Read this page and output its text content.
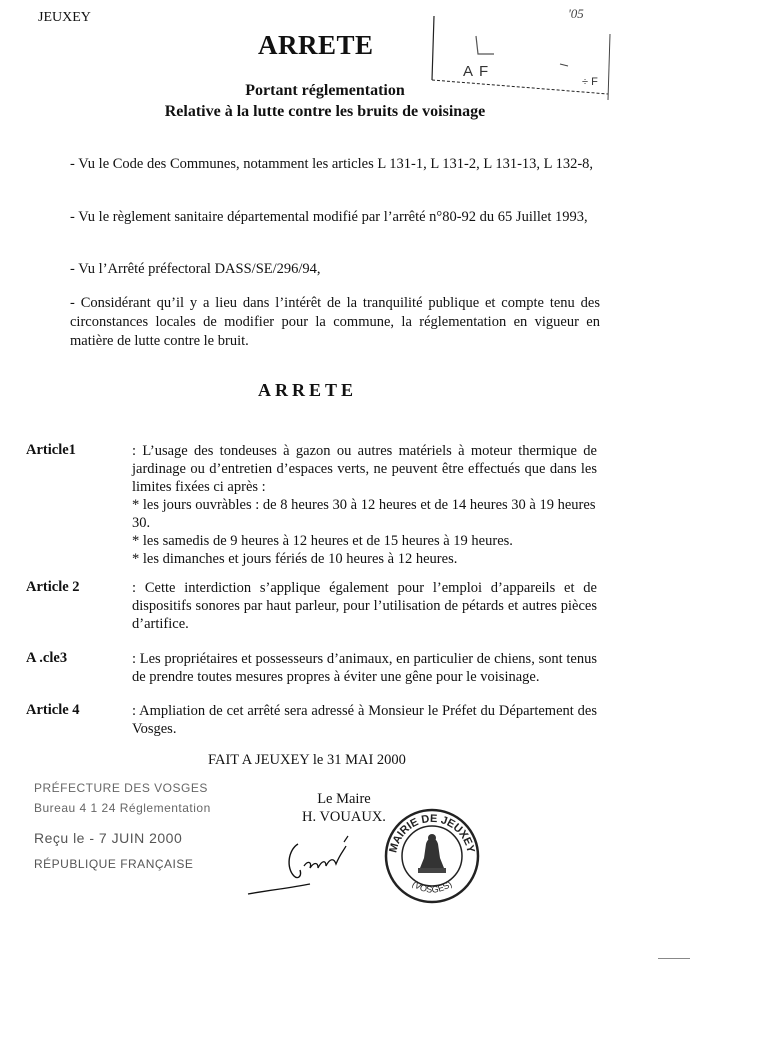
JEUXEY	'05
ARRETE
AF
÷ F
Portant réglementation
Relative à la lutte contre les bruits de voisinage
- Vu le Code des Communes, notamment les articles L 131-1, L 131-2, L 131-13, L 132-8,
- Vu le règlement sanitaire départemental modifié par l’arrêté n°80-92 du 65 Juillet 1993,
- Vu l’Arrêté préfectoral DASS/SE/296/94,
- Considérant qu’il y a lieu dans l’intérêt de la tranquilité publique et compte tenu des circonstances locales de modifier pour la commune, la réglementation en vigueur en matière de lutte contre le bruit.
ARRETE
Article1	: L’usage des tondeuses à gazon ou autres matériels à moteur thermique de jardinage ou d’entretien d’espaces verts, ne peuvent être effectués que dans les limites fixées ci après :
* les jours ouvràbles : de 8 heures 30 à 12 heures et de 14 heures 30 à 19 heures 30.
* les samedis de 9 heures à 12 heures et de 15 heures à 19 heures.
* les dimanches et jours fériés de 10 heures à 12 heures.
Article 2	: Cette interdiction s’applique également pour l’emploi d’appareils et de dispositifs sonores par haut parleur, pour l’utilisation de pétards et autres pièces d’artifice.
A .cle3	: Les propriétaires et possesseurs d’animaux, en particulier de chiens, sont tenus de prendre toutes mesures propres à éviter une gêne pour le voisinage.
Article 4	: Ampliation de cet arrêté sera adressé à Monsieur le Préfet du Département des Vosges.
FAIT A JEUXEY le 31 MAI 2000
PRÉFECTURE DES VOSGES
Bureau 4 1 24 Réglementation
Reçu le - 7 JUIN 2000
RÉPUBLIQUE FRANÇAISE
Le Maire
H. VOUAUX.
MAIRIE DE JEUXEY
(VOSGES)
